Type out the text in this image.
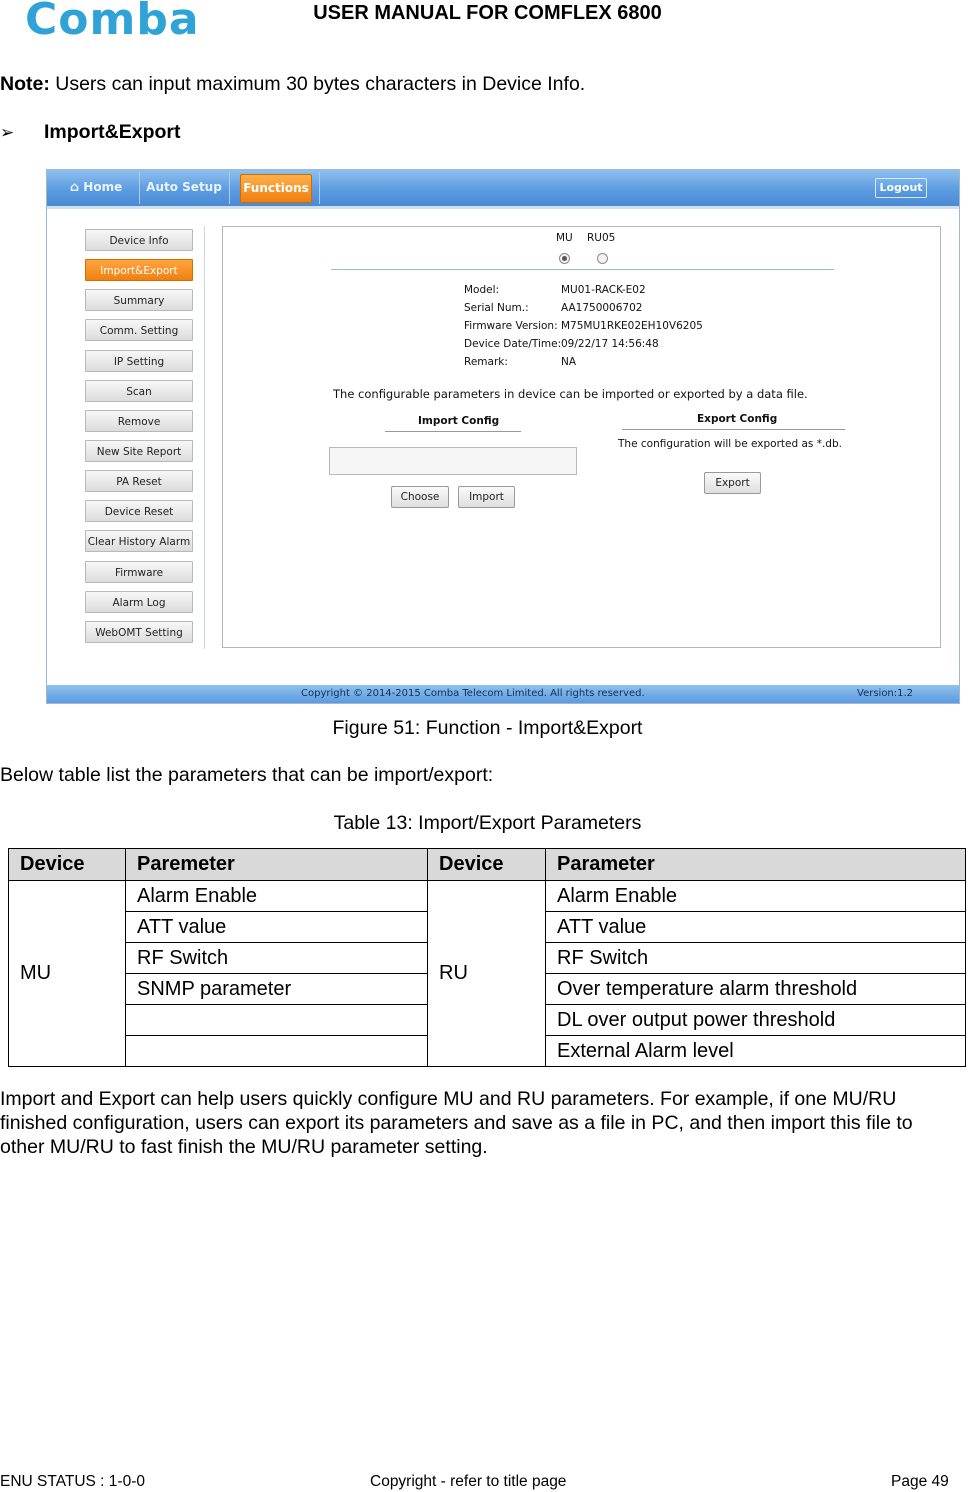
Comba	USER MANUAL FOR COMFLEX 6800
Note: Users can input maximum 30 bytes characters in Device Info.
➢ Import&Export
⌂ Home	Auto Setup Functions	Logout
Device Info
Import&Export
Summary
Comm. Setting
IP Setting
Scan
Remove
New Site Report
PA Reset
Device Reset
Clear History Alarm
Firmware
Alarm Log
WebOMT Setting
MU RU05
Model:	MU01-RACK-E02
Serial Num.:	AA1750006702
Firmware Version: M75MU1RKE02EH10V6205
Device Date/Time: 09/22/17 14:56:48
Remark:	NA
The configurable parameters in device can be imported or exported by a data file.
Import Config	Export Config
The configuration will be exported as *.db.
Choose	Import
Export
Copyright © 2014-2015 Comba Telecom Limited. All rights reserved.	Version:1.2
Figure 51: Function - Import&Export
Below table list the parameters that can be import/export:
Table 13: Import/Export Parameters
Device	Paremeter	Device	Parameter
MU	Alarm Enable	RU	Alarm Enable
	ATT value		ATT value
	RF Switch		RF Switch
	SNMP parameter		Over temperature alarm threshold
			DL over output power threshold
			External Alarm level
Import and Export can help users quickly configure MU and RU parameters. For example, if one MU/RU
finished configuration, users can export its parameters and save as a file in PC, and then import this file to
other MU/RU to fast finish the MU/RU parameter setting.
ENU STATUS : 1-0-0	Copyright - refer to title page	Page 49
